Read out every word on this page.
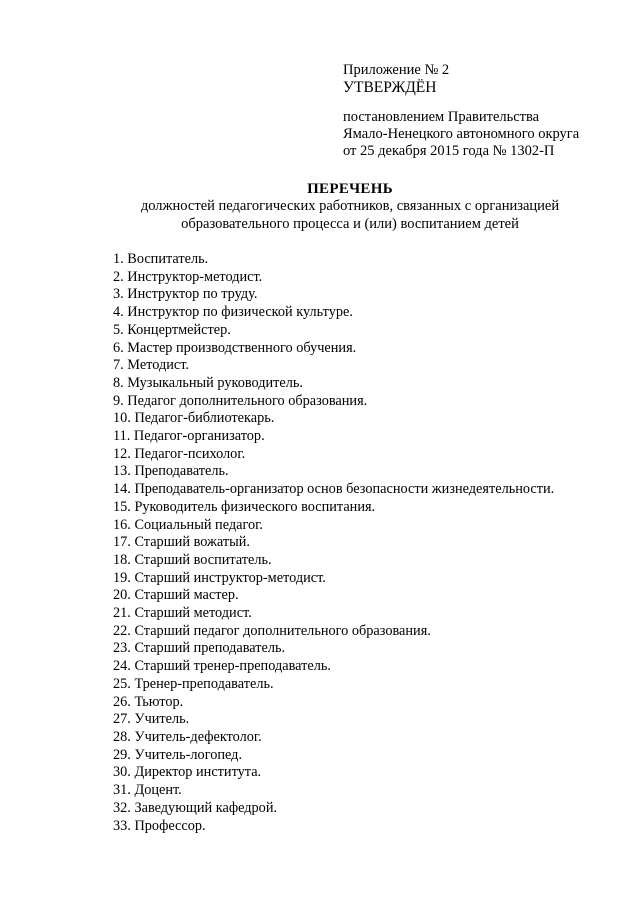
Приложение № 2
УТВЕРЖДЁН
постановлением Правительства
Ямало-Ненецкого автономного округа
от 25 декабря 2015 года № 1302-П
ПЕРЕЧЕНЬ
должностей педагогических работников, связанных с организацией
образовательного процесса и (или) воспитанием детей
1. Воспитатель.
2. Инструктор-методист.
3. Инструктор по труду.
4. Инструктор по физической культуре.
5. Концертмейстер.
6. Мастер производственного обучения.
7. Методист.
8. Музыкальный руководитель.
9. Педагог дополнительного образования.
10. Педагог-библиотекарь.
11. Педагог-организатор.
12. Педагог-психолог.
13. Преподаватель.
14. Преподаватель-организатор основ безопасности жизнедеятельности.
15. Руководитель физического воспитания.
16. Социальный педагог.
17. Старший вожатый.
18. Старший воспитатель.
19. Старший инструктор-методист.
20. Старший мастер.
21. Старший методист.
22. Старший педагог дополнительного образования.
23. Старший преподаватель.
24. Старший тренер-преподаватель.
25. Тренер-преподаватель.
26. Тьютор.
27. Учитель.
28. Учитель-дефектолог.
29. Учитель-логопед.
30. Директор института.
31. Доцент.
32. Заведующий кафедрой.
33. Профессор.
